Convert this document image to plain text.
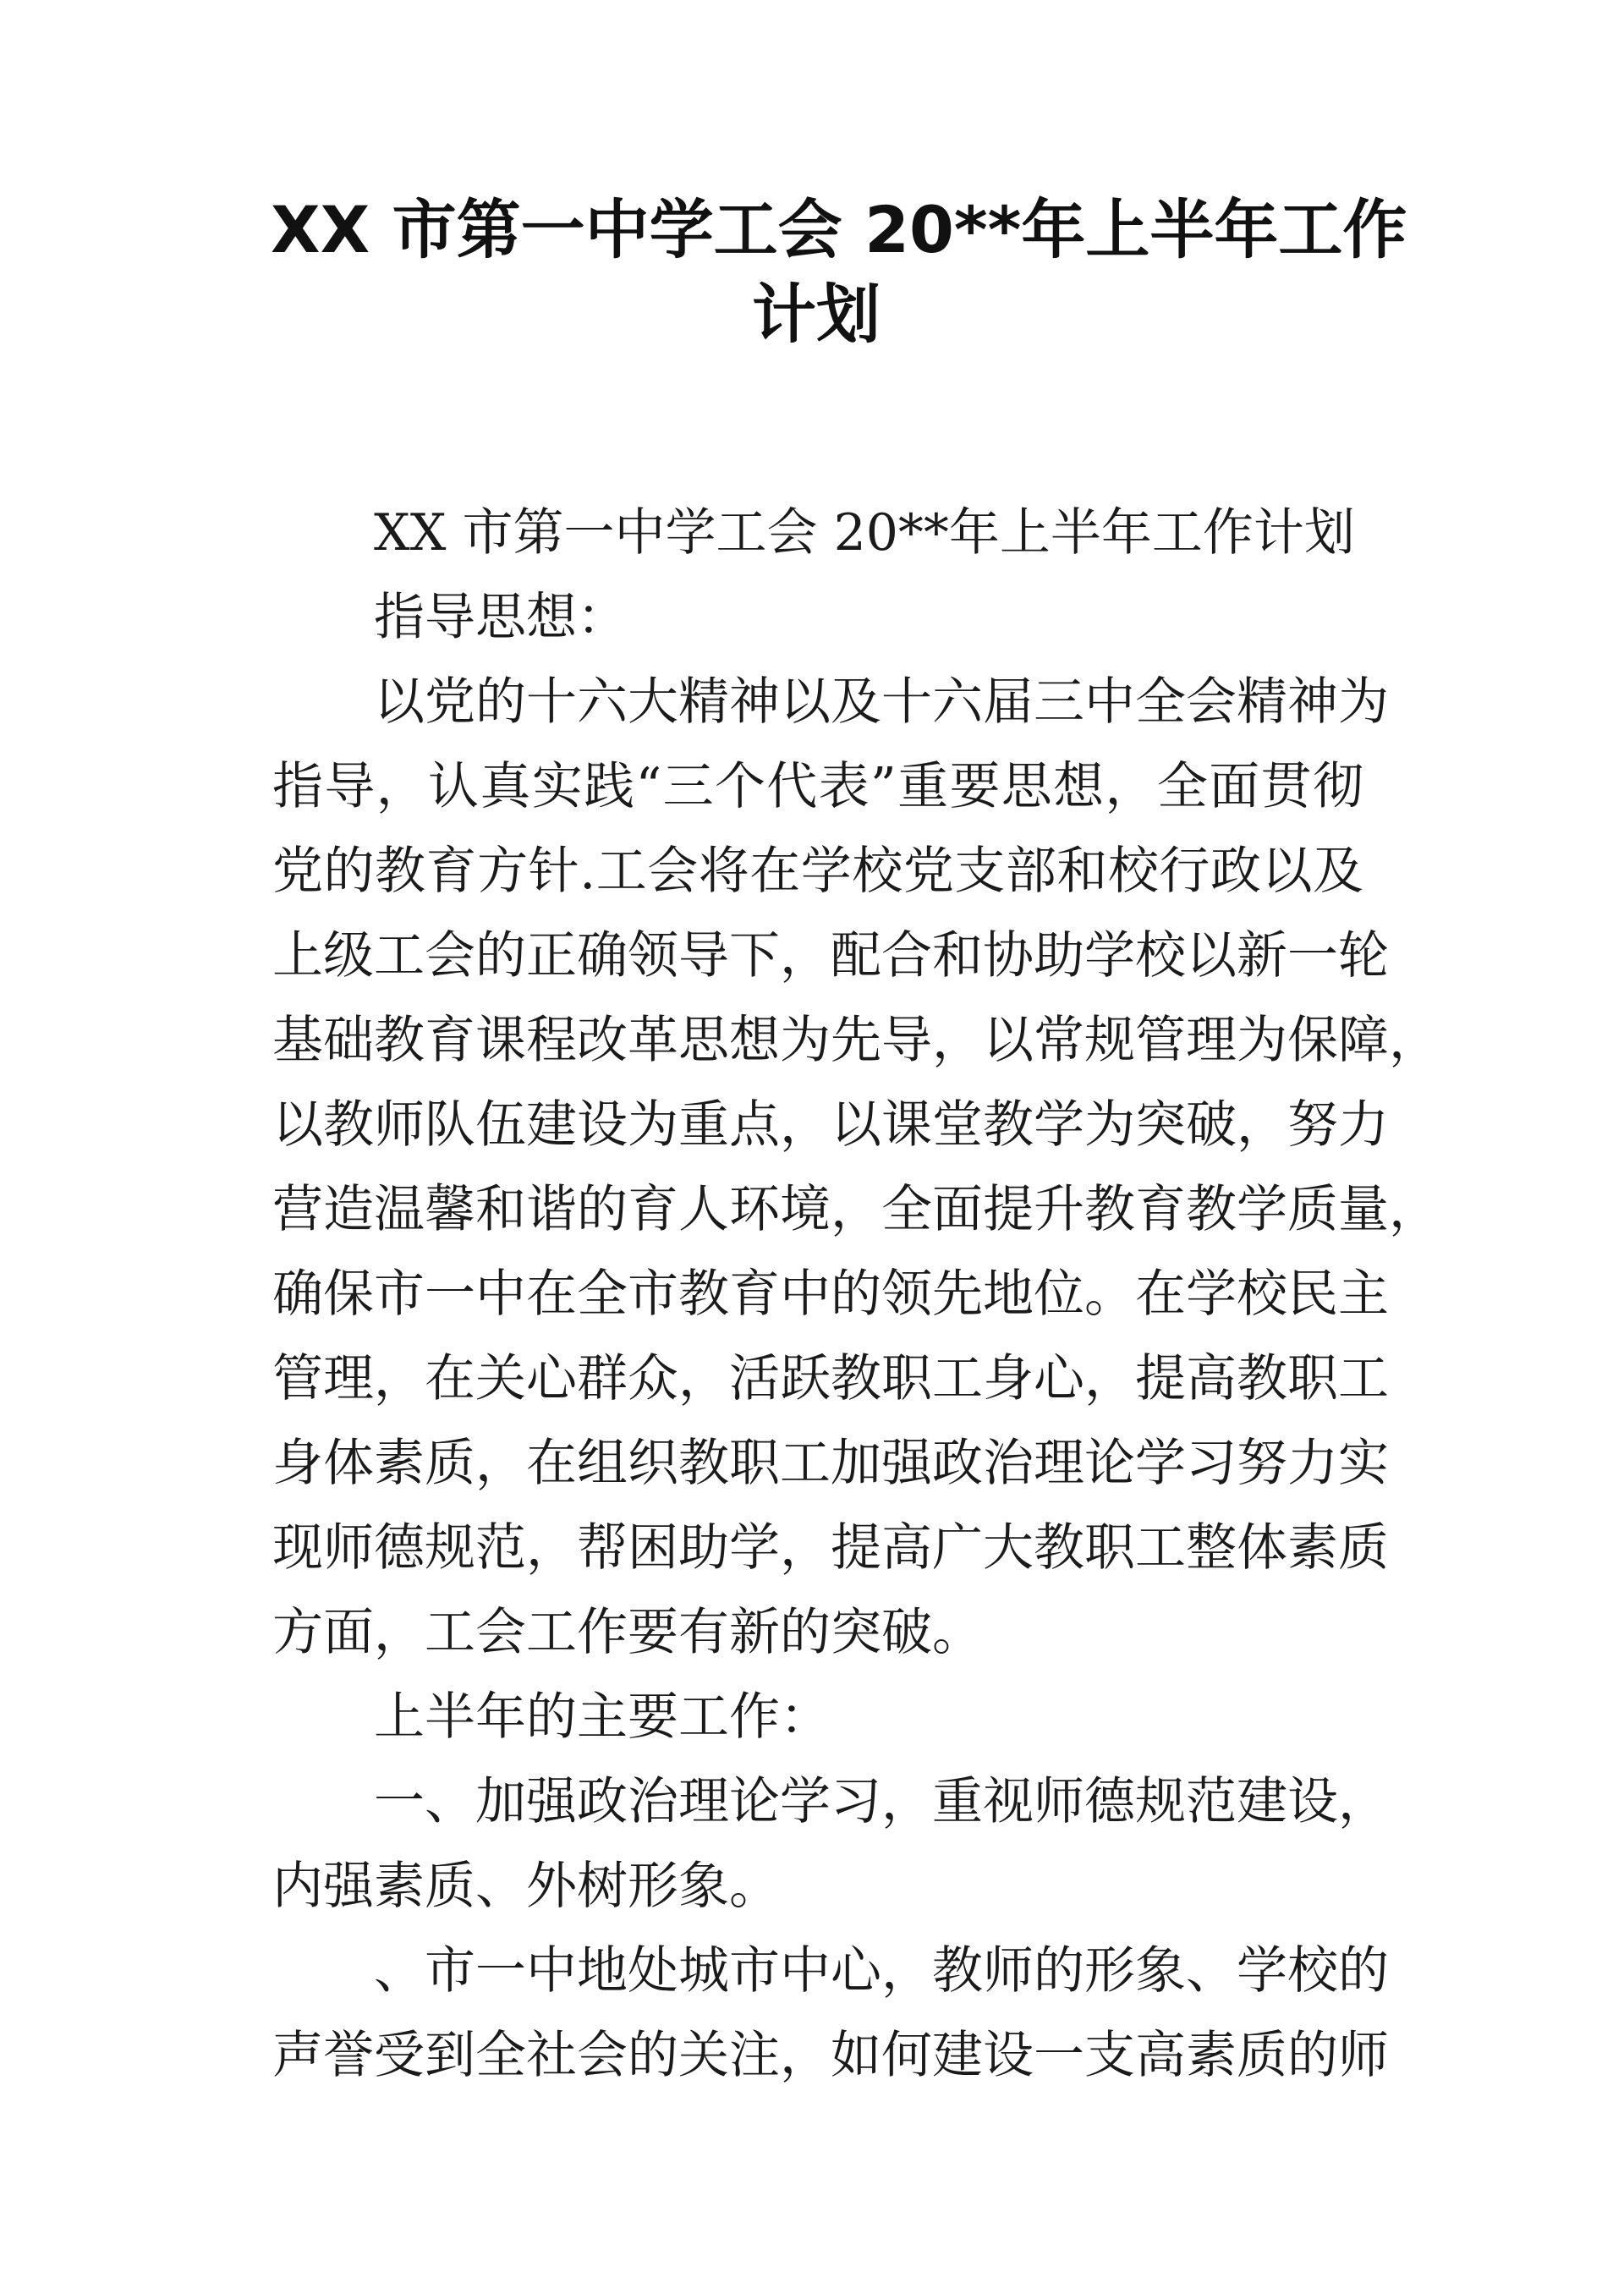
XX 市第一中学工会 20**年上半年工作
计划

XX 市第一中学工会 20**年上半年工作计划

指导思想：

以党的十六大精神以及十六届三中全会精神为
指导，认真实践“三个代表”重要思想，全面贯彻
党的教育方针.工会将在学校党支部和校行政以及
上级工会的正确领导下，配合和协助学校以新一轮
基础教育课程改革思想为先导，以常规管理为保障，
以教师队伍建设为重点，以课堂教学为突破，努力
营造温馨和谐的育人环境，全面提升教育教学质量，
确保市一中在全市教育中的领先地位。在学校民主
管理，在关心群众，活跃教职工身心，提高教职工
身体素质，在组织教职工加强政治理论学习努力实
现师德规范，帮困助学，提高广大教职工整体素质
方面，工会工作要有新的突破。

上半年的主要工作：

一、加强政治理论学习，重视师德规范建设，
内强素质、外树形象。

、市一中地处城市中心，教师的形象、学校的
声誉受到全社会的关注，如何建设一支高素质的师
